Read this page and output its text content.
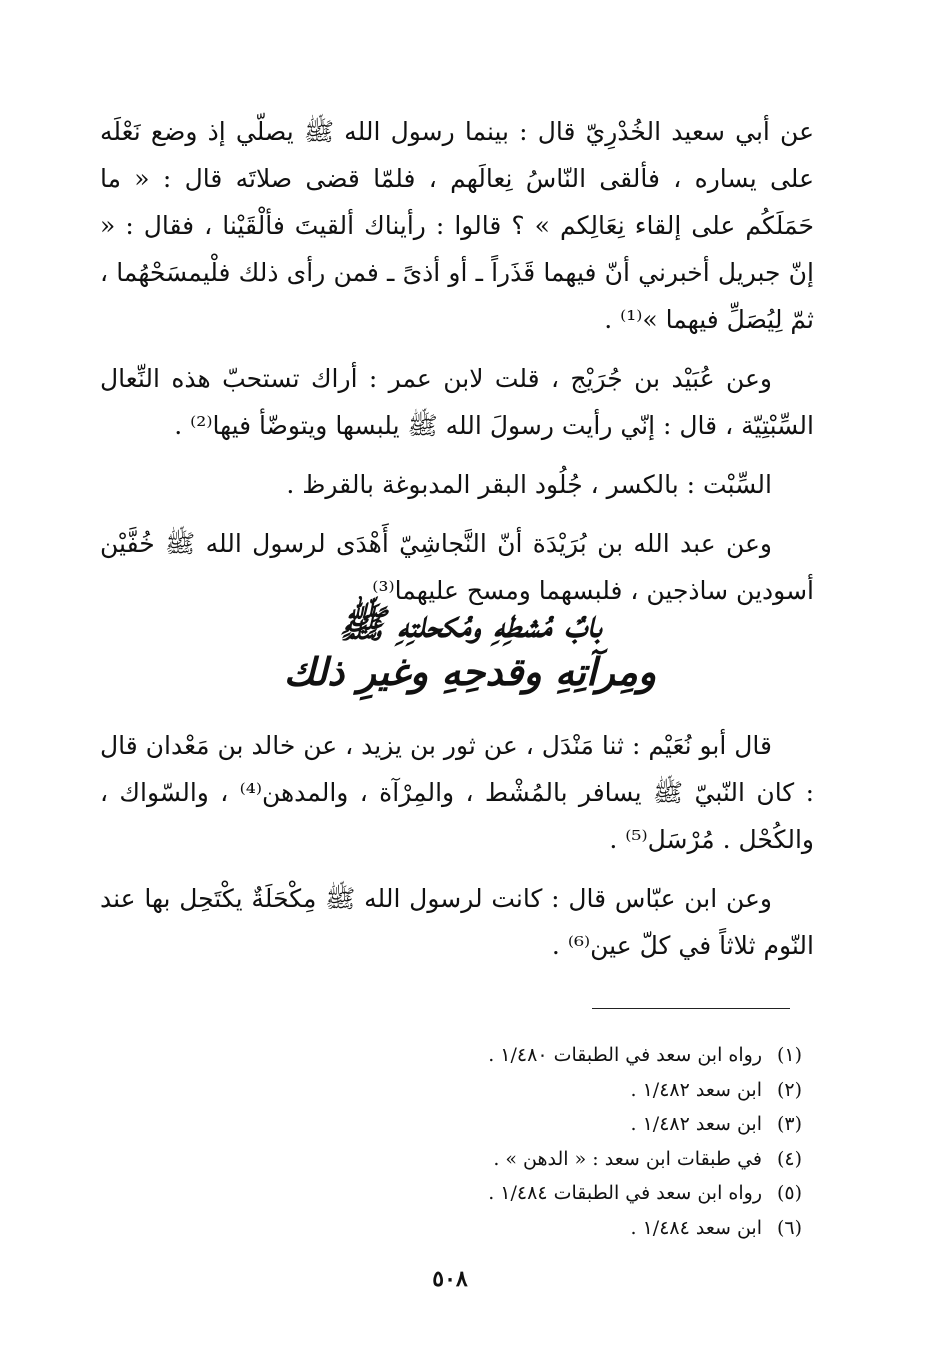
عن أبي سعيد الخُدْرِيّ قال : بينما رسول الله ﷺ يصلّي إذ وضع نَعْلَه على يساره ، فألقى النّاسُ نِعالَهم ، فلمّا قضى صلاتَه قال : « ما حَمَلَكُم على إلقاء نِعَالِكم » ؟ قالوا : رأيناك ألقيتَ فألْقَيْنا ، فقال : « إنّ جبريل أخبرني أنّ فيهما قَذَراً ـ أو أذىً ـ فمن رأى ذلك فلْيمسَحْهُما ، ثمّ لِيُصَلِّ فيهما »⁽¹⁾ .

وعن عُبَيْد بن جُرَيْج ، قلت لابن عمر : أراك تستحبّ هذه النِّعال السِّبْتِيّة ، قال : إنّي رأيت رسولَ الله ﷺ يلبسها ويتوضّأ فيها⁽²⁾ .

السِّبْت : بالكسر ، جُلُود البقر المدبوغة بالقرظ .

وعن عبد الله بن بُرَيْدَة أنّ النَّجاشِيّ أَهْدَى لرسول الله ﷺ خُفَّيْن أسودين ساذجين ، فلبسهما ومسح عليهما⁽³⁾ .

بابٌ مُشطِهِ ومُكحلتِهِ ﷺ
ومِرآتِهِ وقدحِهِ وغيرِ ذلك

قال أبو نُعَيْم : ثنا مَنْدَل ، عن ثور بن يزيد ، عن خالد بن مَعْدان قال : كان النّبيّ ﷺ يسافر بالمُشْط ، والمِرْآة ، والمدهن⁽⁴⁾ ، والسّواك ، والكُحْل . مُرْسَل⁽⁵⁾ .

وعن ابن عبّاس قال : كانت لرسول الله ﷺ مِكْحَلَةٌ يكْتَحِل بها عند النّوم ثلاثاً في كلّ عين⁽⁶⁾ .

(١)رواه ابن سعد في الطبقات ١/٤٨٠ .
(٢)ابن سعد ١/٤٨٢ .
(٣)ابن سعد ١/٤٨٢ .
(٤)في طبقات ابن سعد : « الدهن » .
(٥)رواه ابن سعد في الطبقات ١/٤٨٤ .
(٦)ابن سعد ١/٤٨٤ .
٥٠٨
